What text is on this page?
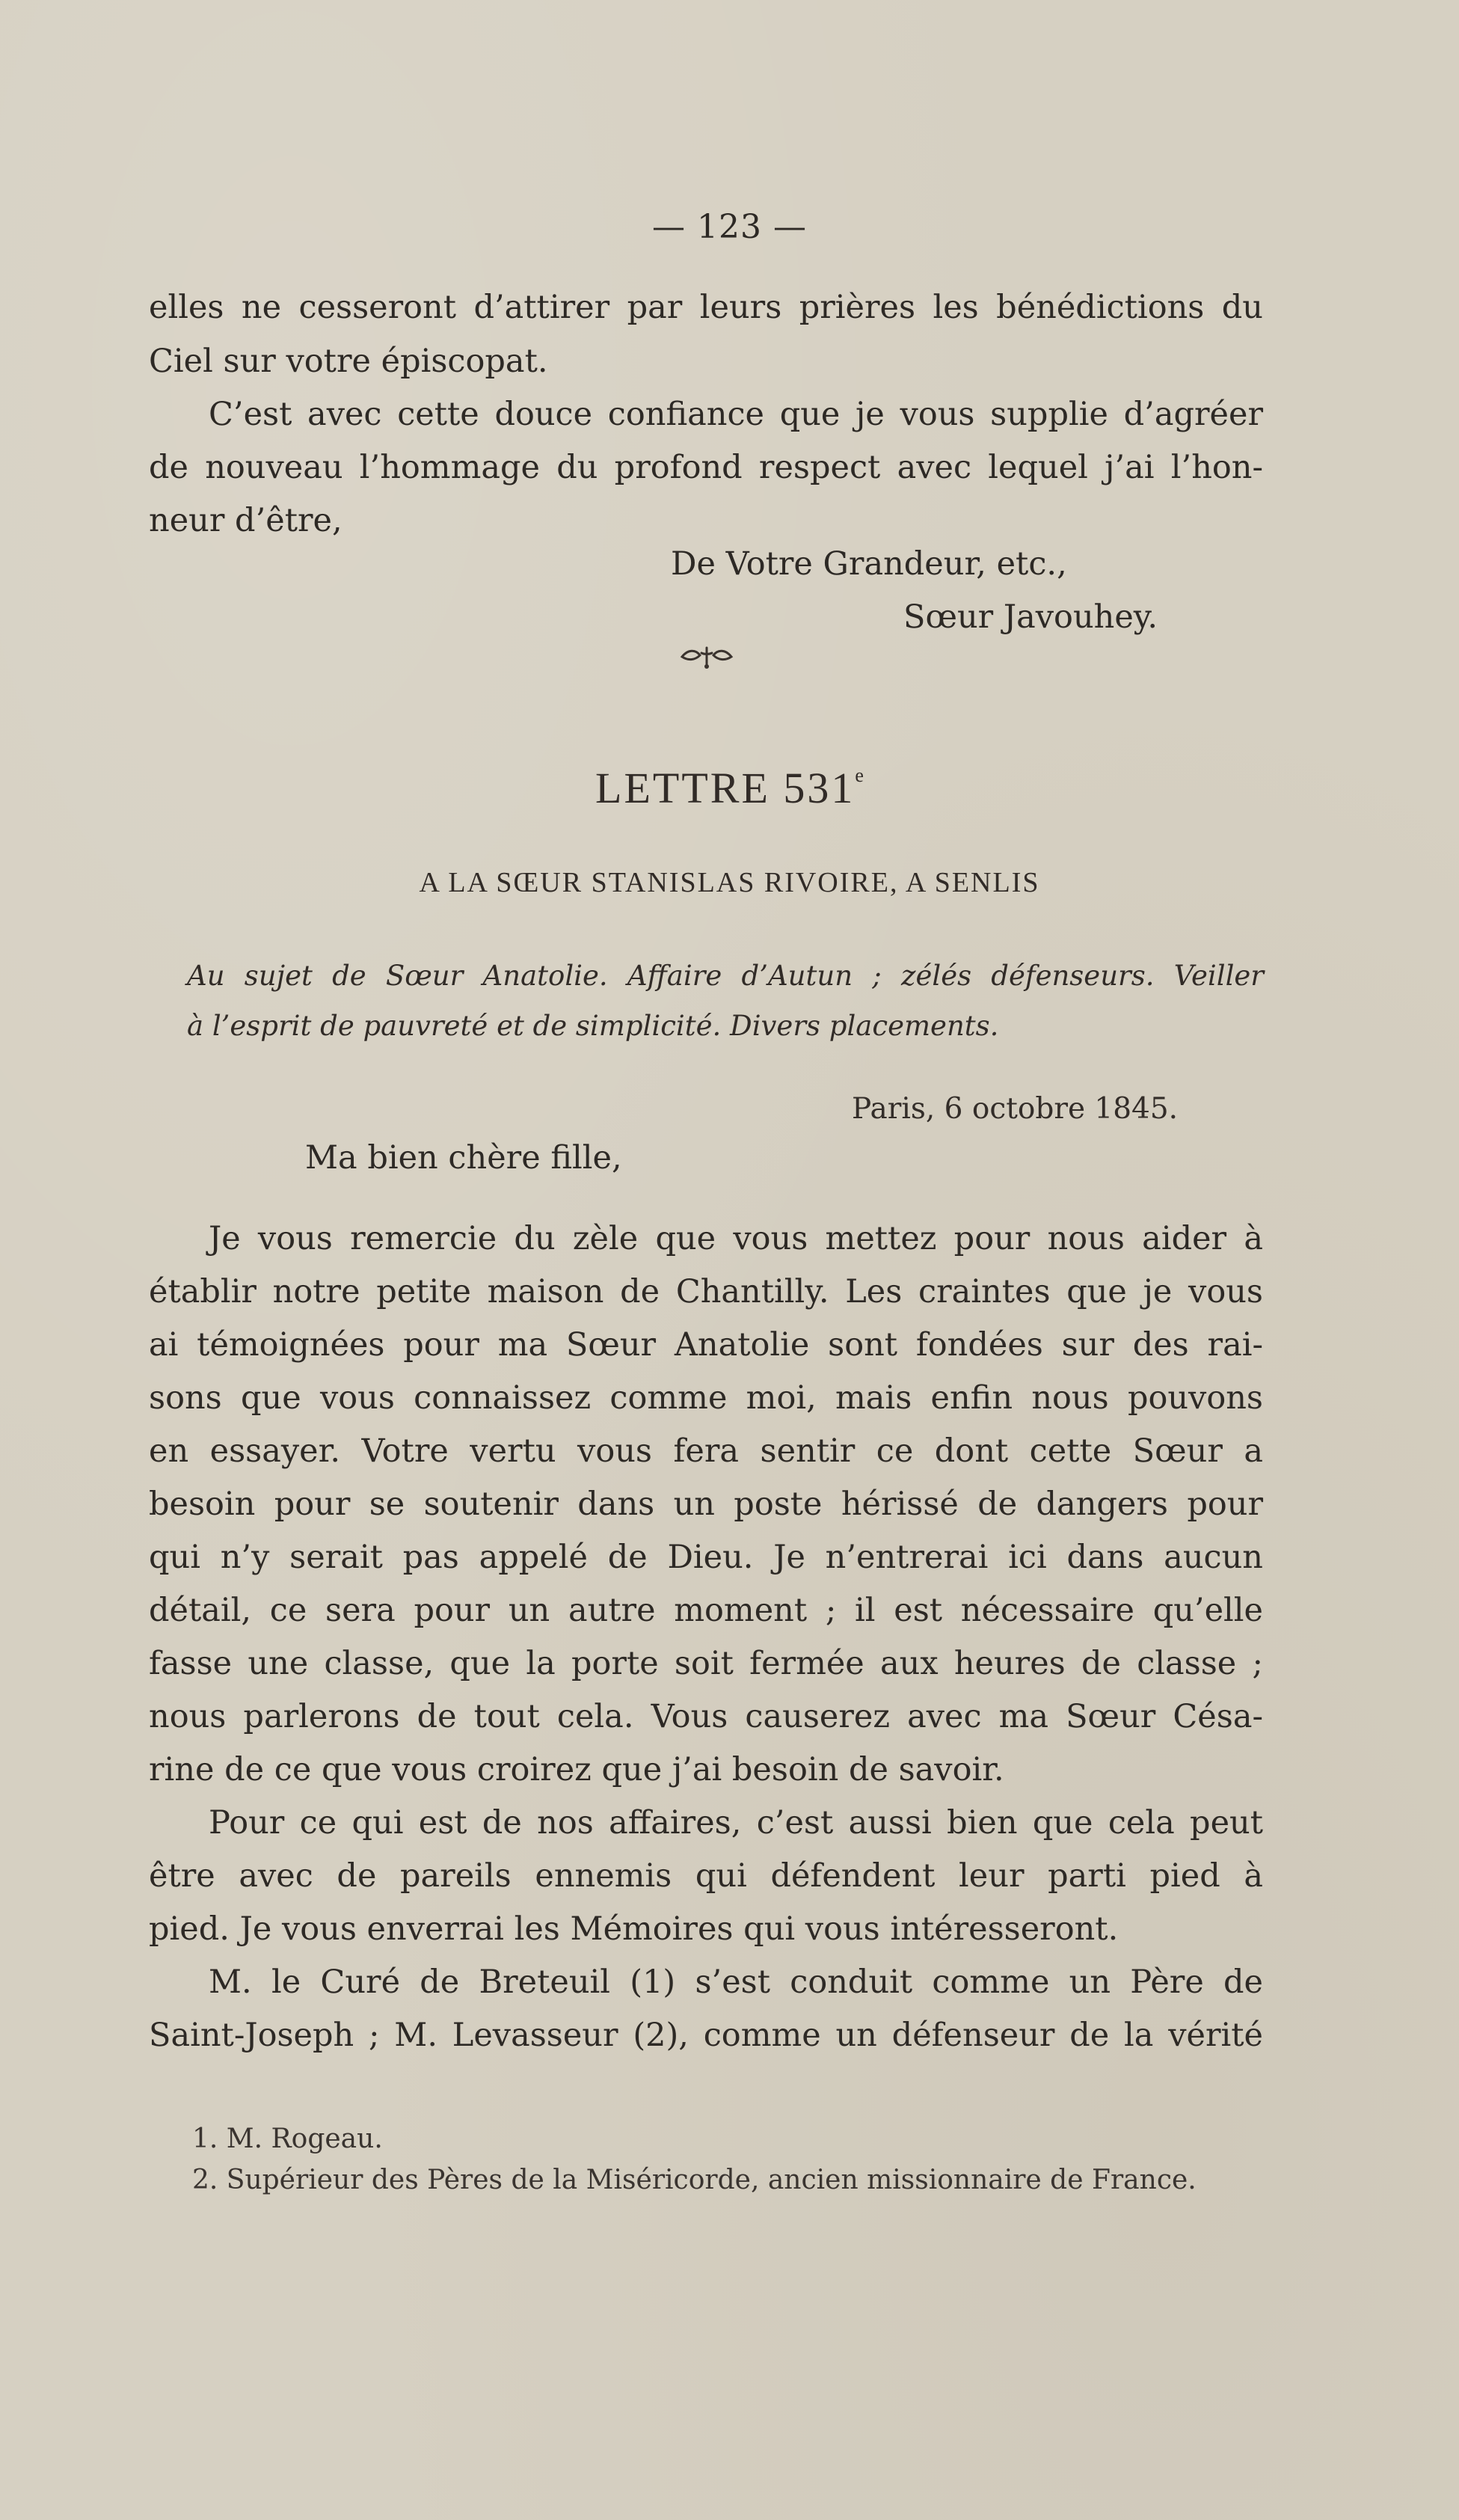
— 123 —
elles ne cesseront d’attirer par leurs prières les bénédictions du
Ciel sur votre épiscopat.
C’est avec cette douce confiance que je vous supplie d’agréer
de nouveau l’hommage du profond respect avec lequel j’ai l’hon-
neur d’être,
De Votre Grandeur, etc.,
Sœur Javouhey.
LETTRE 531e
A LA SŒUR STANISLAS RIVOIRE, A SENLIS
Au sujet de Sœur Anatolie. Affaire d’Autun ; zélés défenseurs. Veiller
à l’esprit de pauvreté et de simplicité. Divers placements.
Paris, 6 octobre 1845.
Ma bien chère fille,
Je vous remercie du zèle que vous mettez pour nous aider à
établir notre petite maison de Chantilly. Les craintes que je vous
ai témoignées pour ma Sœur Anatolie sont fondées sur des rai-
sons que vous connaissez comme moi, mais enfin nous pouvons
en essayer. Votre vertu vous fera sentir ce dont cette Sœur a
besoin pour se soutenir dans un poste hérissé de dangers pour
qui n’y serait pas appelé de Dieu. Je n’entrerai ici dans aucun
détail, ce sera pour un autre moment ; il est nécessaire qu’elle
fasse une classe, que la porte soit fermée aux heures de classe ;
nous parlerons de tout cela. Vous causerez avec ma Sœur Césa-
rine de ce que vous croirez que j’ai besoin de savoir.
Pour ce qui est de nos affaires, c’est aussi bien que cela peut
être avec de pareils ennemis qui défendent leur parti pied à
pied. Je vous enverrai les Mémoires qui vous intéresseront.
M. le Curé de Breteuil (1) s’est conduit comme un Père de
Saint-Joseph ; M. Levasseur (2), comme un défenseur de la vérité
1. M. Rogeau.
2. Supérieur des Pères de la Miséricorde, ancien missionnaire de France.
